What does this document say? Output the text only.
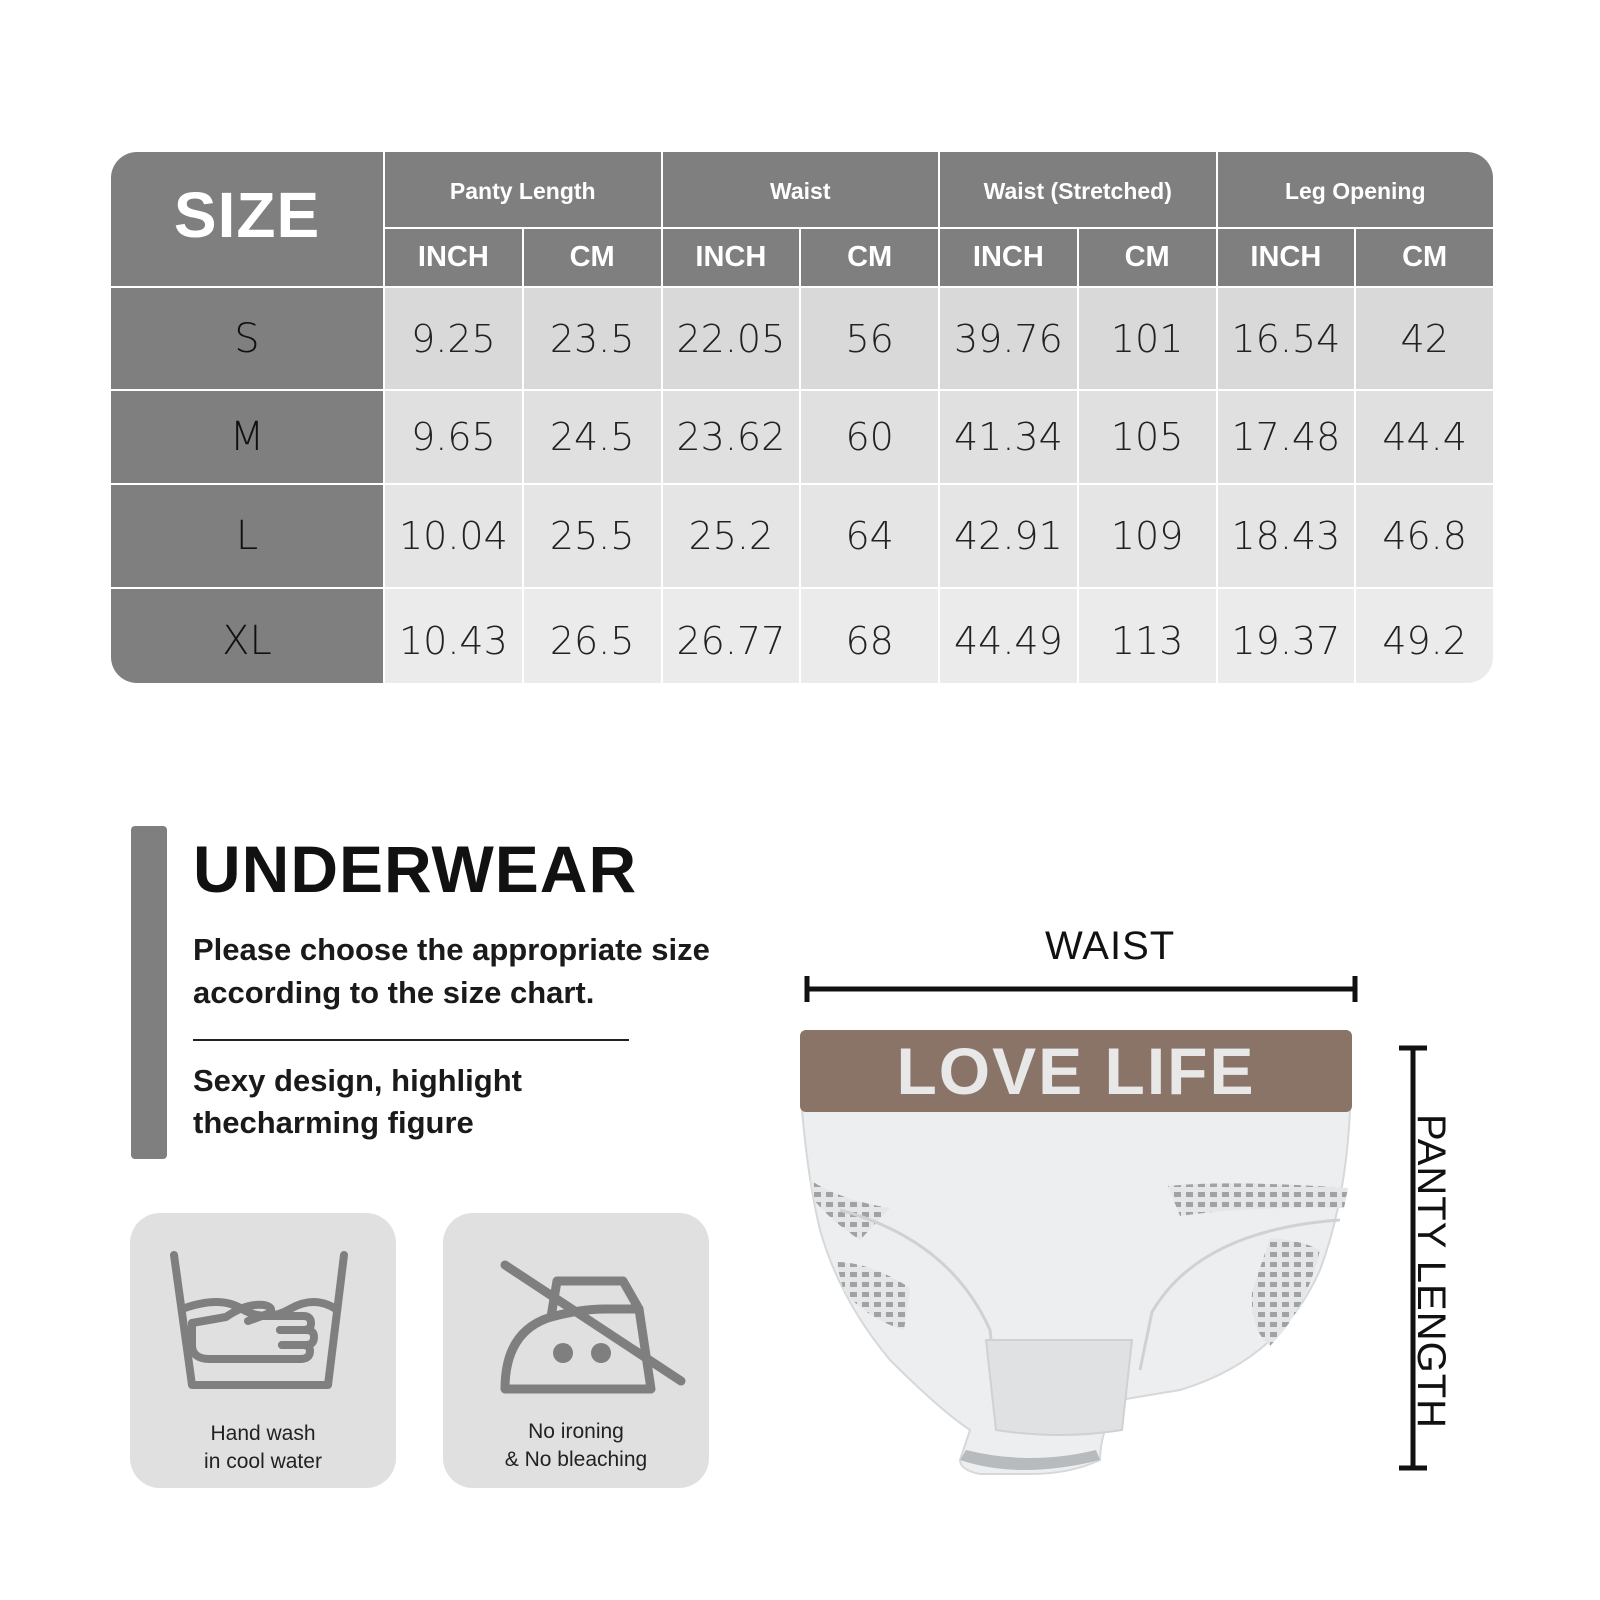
SIZE	Panty Length	Waist	Waist (Stretched)	Leg Opening
INCH	CM	INCH	CM	INCH	CM	INCH	CM
S	9.25	23.5	22.05	56	39.76	101	16.54	42
M	9.65	24.5	23.62	60	41.34	105	17.48	44.4
L	10.04	25.5	25.2	64	42.91	109	18.43	46.8
XL	10.43	26.5	26.77	68	44.49	113	19.37	49.2
UNDERWEAR

Please choose the appropriate size according to the size chart.

Sexy design, highlight thecharming figure

Hand wash
in cool water
No ironing
& No bleaching
WAIST
PANTY LENGTH
LOVE LIFE
